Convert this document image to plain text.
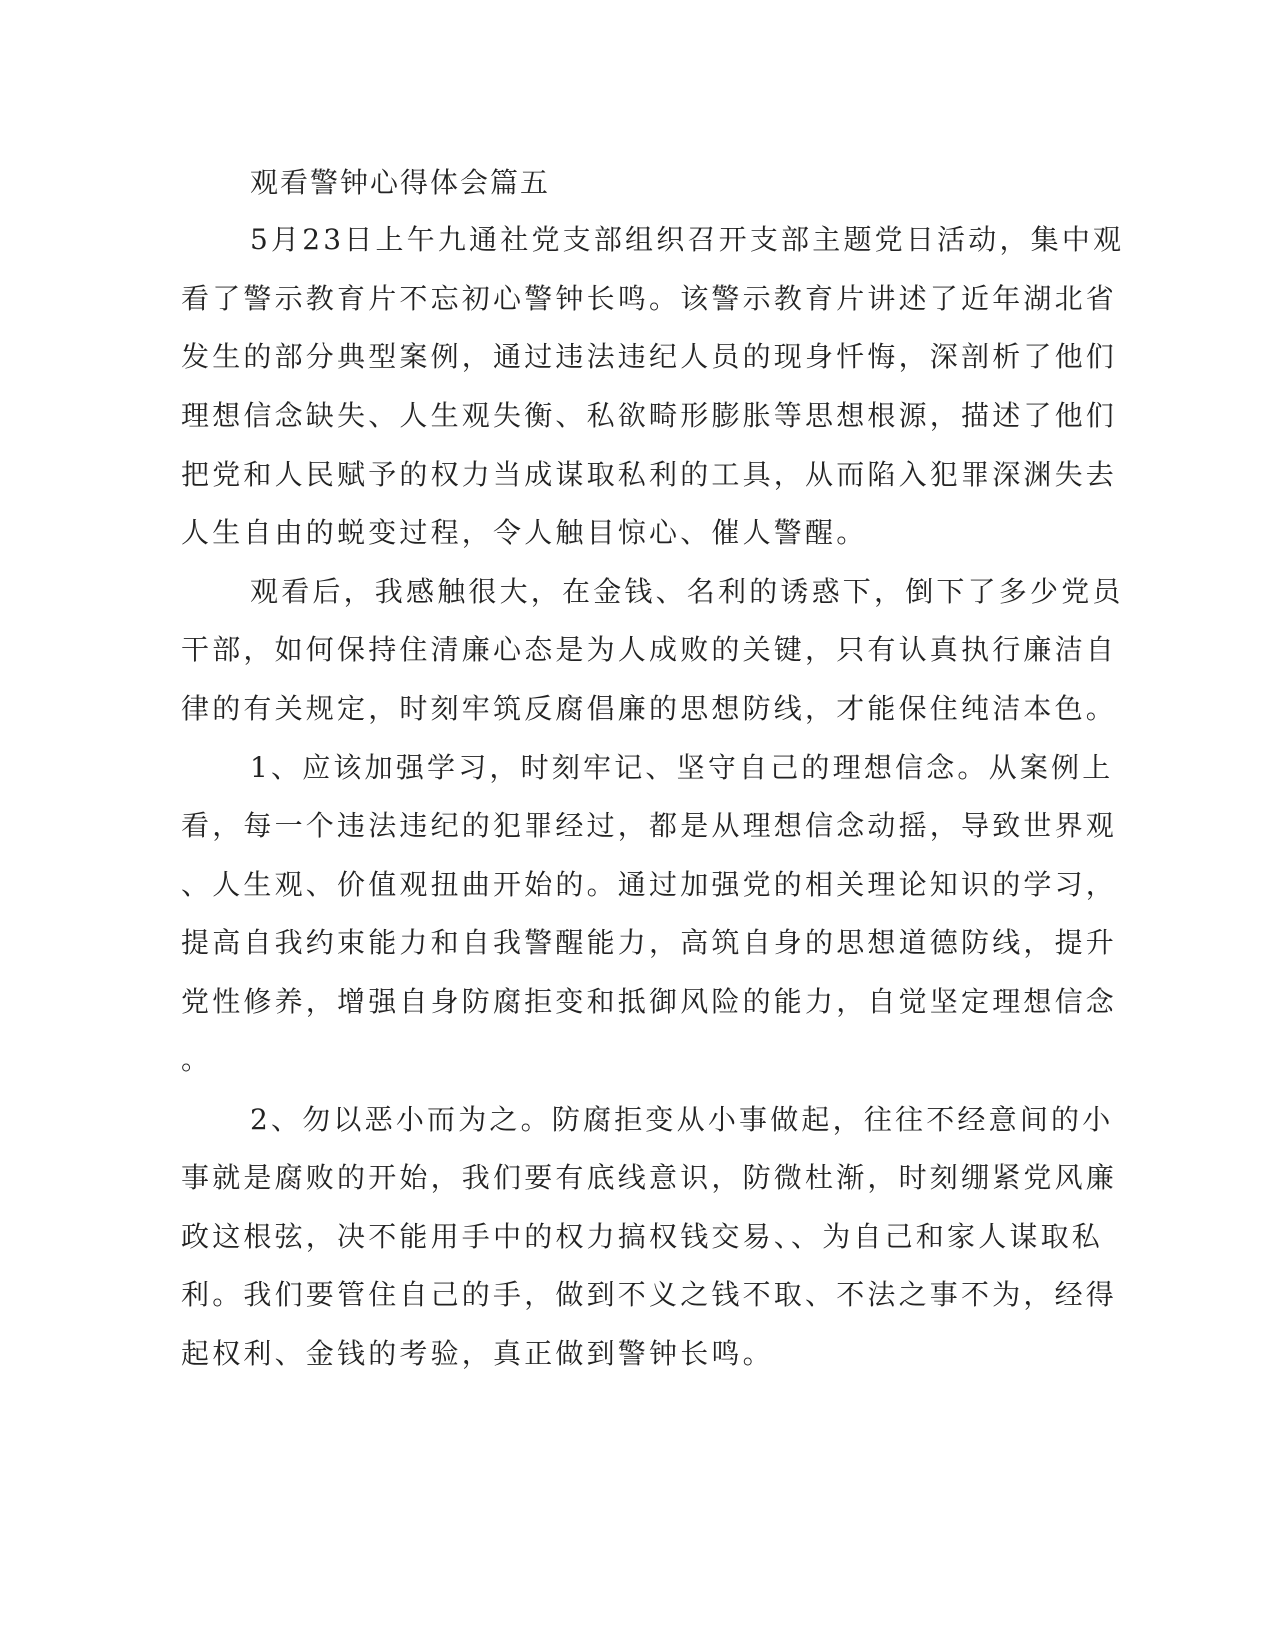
观看警钟心得体会篇五
5月23日上午九通社党支部组织召开支部主题党日活动，集中观
看了警示教育片不忘初心警钟长鸣。该警示教育片讲述了近年湖北省
发生的部分典型案例，通过违法违纪人员的现身忏悔，深剖析了他们
理想信念缺失、人生观失衡、私欲畸形膨胀等思想根源，描述了他们
把党和人民赋予的权力当成谋取私利的工具，从而陷入犯罪深渊失去
人生自由的蜕变过程，令人触目惊心、催人警醒。
观看后，我感触很大，在金钱、名利的诱惑下，倒下了多少党员
干部，如何保持住清廉心态是为人成败的关键，只有认真执行廉洁自
律的有关规定，时刻牢筑反腐倡廉的思想防线，才能保住纯洁本色。
1、应该加强学习，时刻牢记、坚守自己的理想信念。从案例上
看，每一个违法违纪的犯罪经过，都是从理想信念动摇，导致世界观
、人生观、价值观扭曲开始的。通过加强党的相关理论知识的学习，
提高自我约束能力和自我警醒能力，高筑自身的思想道德防线，提升
党性修养，增强自身防腐拒变和抵御风险的能力，自觉坚定理想信念
。
2、勿以恶小而为之。防腐拒变从小事做起，往往不经意间的小
事就是腐败的开始，我们要有底线意识，防微杜渐，时刻绷紧党风廉
政这根弦，决不能用手中的权力搞权钱交易、、为自己和家人谋取私
利。我们要管住自己的手，做到不义之钱不取、不法之事不为，经得
起权利、金钱的考验，真正做到警钟长鸣。
